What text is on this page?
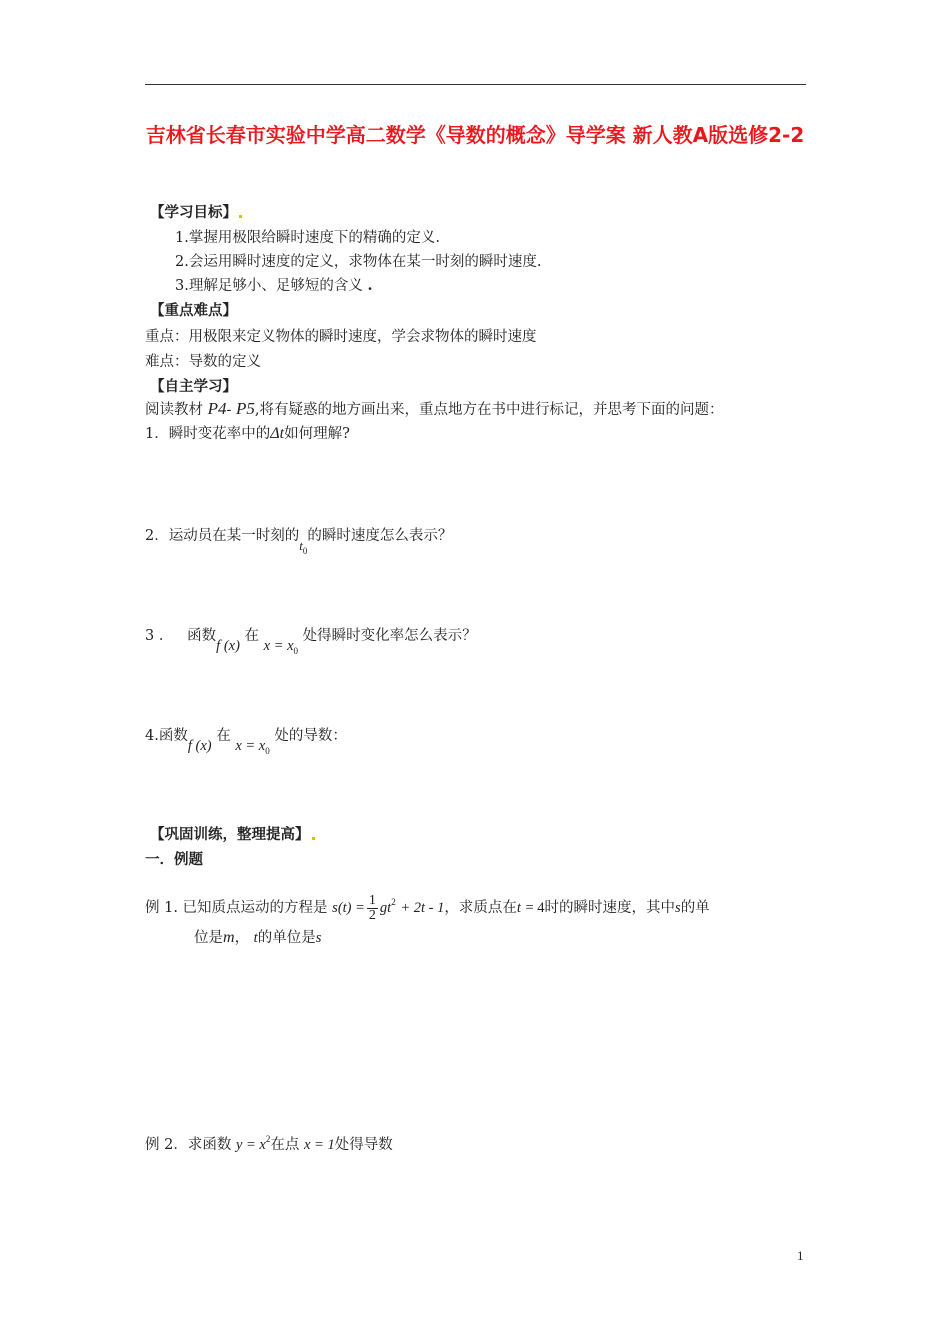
吉林省长春市实验中学高二数学《导数的概念》导学案 新人教A版选修2-2
【学习目标】
1.掌握用极限给瞬时速度下的精确的定义.
2.会运用瞬时速度的定义，求物体在某一时刻的瞬时速度.
3.理解足够小、足够短的含义 .
【重点难点】
重点：用极限来定义物体的瞬时速度，学会求物体的瞬时速度
难点：导数的定义
【自主学习】
阅读教材 P4- P5,将有疑惑的地方画出来，重点地方在书中进行标记，并思考下面的问题：
1．瞬时变花率中的Δt如何理解?
2．运动员在某一时刻的$t_0$的瞬时速度怎么表示？
3 ． 函数f (x) 在 $x = x_0$ 处得瞬时变化率怎么表示？
4.函数f (x) 在 $x = x_0$ 处的导数：
【巩固训练，整理提高】
一．例题
例 1. 已知质点运动的方程是 $s(t) = \frac{1}{2} gt^2 + 2t - 1$，求质点在t = 4时的瞬时速度，其中s的单
位是m， t的单位是s
例 2．求函数 $y = x^2$在点 x = 1处得导数
1
